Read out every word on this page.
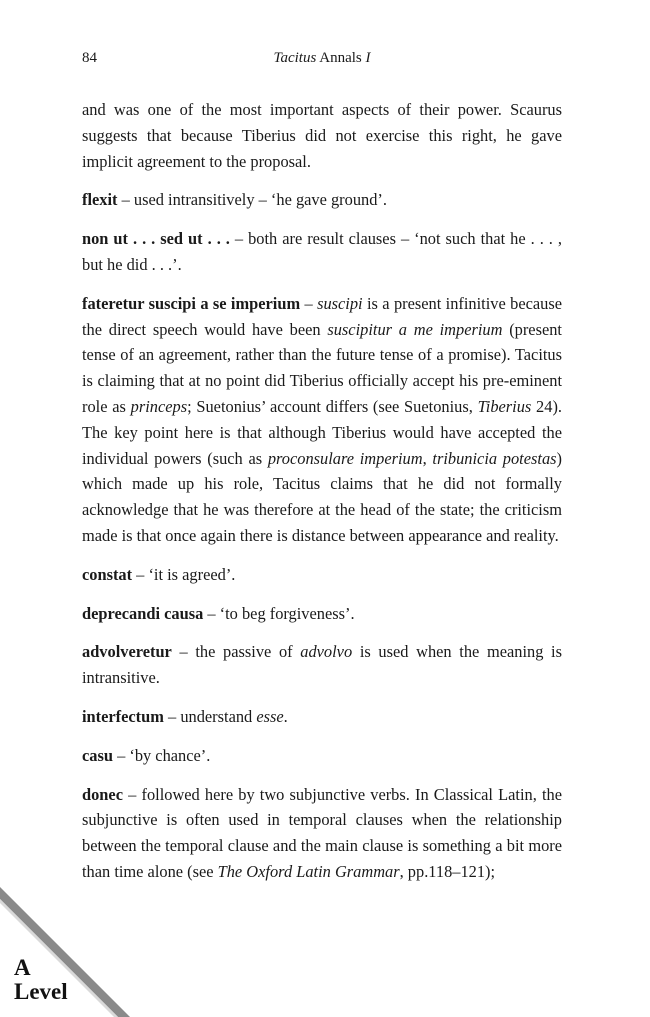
84	Tacitus Annals I

and was one of the most important aspects of their power. Scaurus suggests that because Tiberius did not exercise this right, he gave implicit agreement to the proposal.

flexit – used intransitively – ‘he gave ground’.

non ut . . . sed ut . . . – both are result clauses – ‘not such that he . . . , but he did . . .’.

fateretur suscipi a se imperium – suscipi is a present infinitive because the direct speech would have been suscipitur a me imperium (present tense of an agreement, rather than the future tense of a promise). Tacitus is claiming that at no point did Tiberius officially accept his pre-eminent role as princeps; Suetonius’ account differs (see Suetonius, Tiberius 24). The key point here is that although Tiberius would have accepted the individual powers (such as proconsulare imperium, tribunicia potestas) which made up his role, Tacitus claims that he did not formally acknowledge that he was therefore at the head of the state; the criticism made is that once again there is distance between appearance and reality.

constat – ‘it is agreed’.

deprecandi causa – ‘to beg forgiveness’.

advolveretur – the passive of advolvo is used when the meaning is intransitive.

interfectum – understand esse.

casu – ‘by chance’.

donec – followed here by two subjunctive verbs. In Classical Latin, the subjunctive is often used in temporal clauses when the relationship between the temporal clause and the main clause is something a bit more than time alone (see The Oxford Latin Grammar, pp.118–121);

A
Level
